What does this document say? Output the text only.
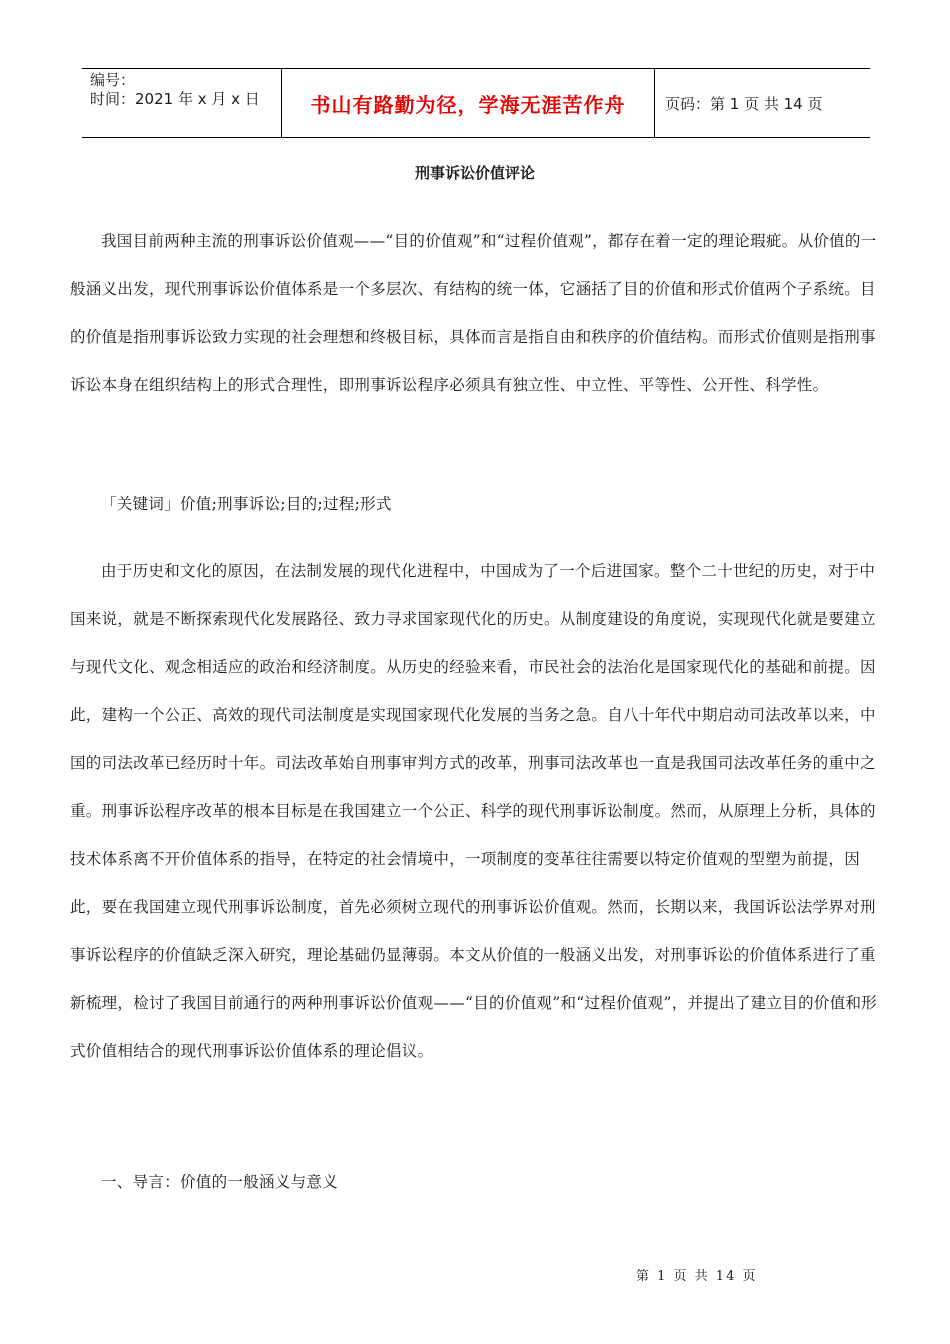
编号：
时间：2021 年 x 月 x 日	书山有路勤为径，学海无涯苦作舟	页码：第 1 页 共 14 页
刑事诉讼价值评论

我国目前两种主流的刑事诉讼价值观——“目的价值观”和“过程价值观”，都存在着一定的理论瑕疵。从价值的一般涵义出发，现代刑事诉讼价值体系是一个多层次、有结构的统一体，它涵括了目的价值和形式价值两个子系统。目的价值是指刑事诉讼致力实现的社会理想和终极目标，具体而言是指自由和秩序的价值结构。而形式价值则是指刑事诉讼本身在组织结构上的形式合理性，即刑事诉讼程序必须具有独立性、中立性、平等性、公开性、科学性。

「关键词」价值;刑事诉讼;目的;过程;形式

由于历史和文化的原因，在法制发展的现代化进程中，中国成为了一个后进国家。整个二十世纪的历史，对于中国来说，就是不断探索现代化发展路径、致力寻求国家现代化的历史。从制度建设的角度说，实现现代化就是要建立与现代文化、观念相适应的政治和经济制度。从历史的经验来看，市民社会的法治化是国家现代化的基础和前提。因此，建构一个公正、高效的现代司法制度是实现国家现代化发展的当务之急。自八十年代中期启动司法改革以来，中国的司法改革已经历时十年。司法改革始自刑事审判方式的改革，刑事司法改革也一直是我国司法改革任务的重中之重。刑事诉讼程序改革的根本目标是在我国建立一个公正、科学的现代刑事诉讼制度。然而，从原理上分析，具体的技术体系离不开价值体系的指导，在特定的社会情境中，一项制度的变革往往需要以特定价值观的型塑为前提，因此，要在我国建立现代刑事诉讼制度，首先必须树立现代的刑事诉讼价值观。然而，长期以来，我国诉讼法学界对刑事诉讼程序的价值缺乏深入研究，理论基础仍显薄弱。本文从价值的一般涵义出发，对刑事诉讼的价值体系进行了重新梳理，检讨了我国目前通行的两种刑事诉讼价值观——“目的价值观”和“过程价值观”，并提出了建立目的价值和形式价值相结合的现代刑事诉讼价值体系的理论倡议。

一、导言：价值的一般涵义与意义

第 1 页 共 14 页
